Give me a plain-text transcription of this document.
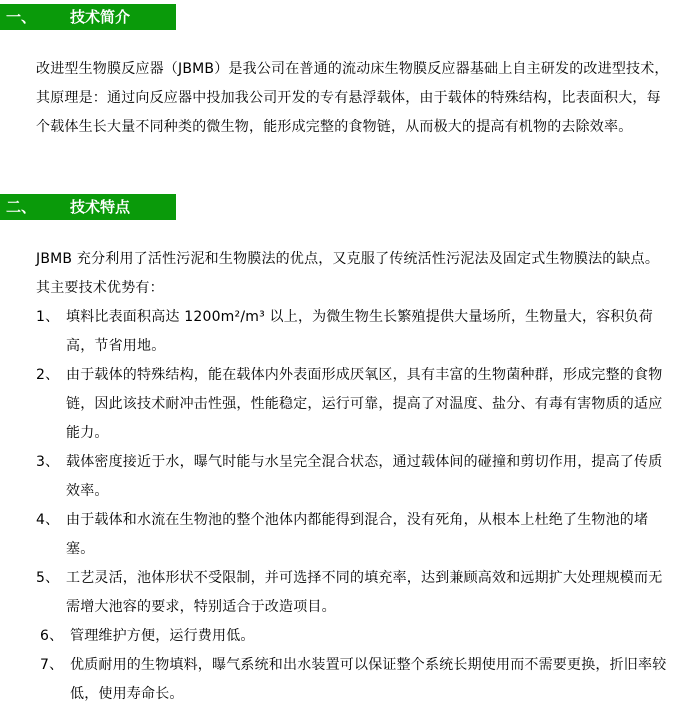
一、 技术简介
改进型生物膜反应器（JBMB）是我公司在普通的流动床生物膜反应器基础上自主研发的改进型技术，其原理是：通过向反应器中投加我公司开发的专有悬浮载体，由于载体的特殊结构，比表面积大，每个载体生长大量不同种类的微生物，能形成完整的食物链，从而极大的提高有机物的去除效率。
二、 技术特点
JBMB 充分利用了活性污泥和生物膜法的优点，又克服了传统活性污泥法及固定式生物膜法的缺点。其主要技术优势有：
1、 填料比表面积高达 1200m²/m³ 以上，为微生物生长繁殖提供大量场所，生物量大，容积负荷高，节省用地。
2、 由于载体的特殊结构，能在载体内外表面形成厌氧区，具有丰富的生物菌种群，形成完整的食物链，因此该技术耐冲击性强，性能稳定，运行可靠，提高了对温度、盐分、有毒有害物质的适应能力。
3、 载体密度接近于水，曝气时能与水呈完全混合状态，通过载体间的碰撞和剪切作用，提高了传质效率。
4、 由于载体和水流在生物池的整个池体内都能得到混合，没有死角，从根本上杜绝了生物池的堵塞。
5、 工艺灵活，池体形状不受限制，并可选择不同的填充率，达到兼顾高效和远期扩大处理规模而无需增大池容的要求，特别适合于改造项目。
6、 管理维护方便，运行费用低。
7、 优质耐用的生物填料，曝气系统和出水装置可以保证整个系统长期使用而不需要更换，折旧率较低，使用寿命长。
